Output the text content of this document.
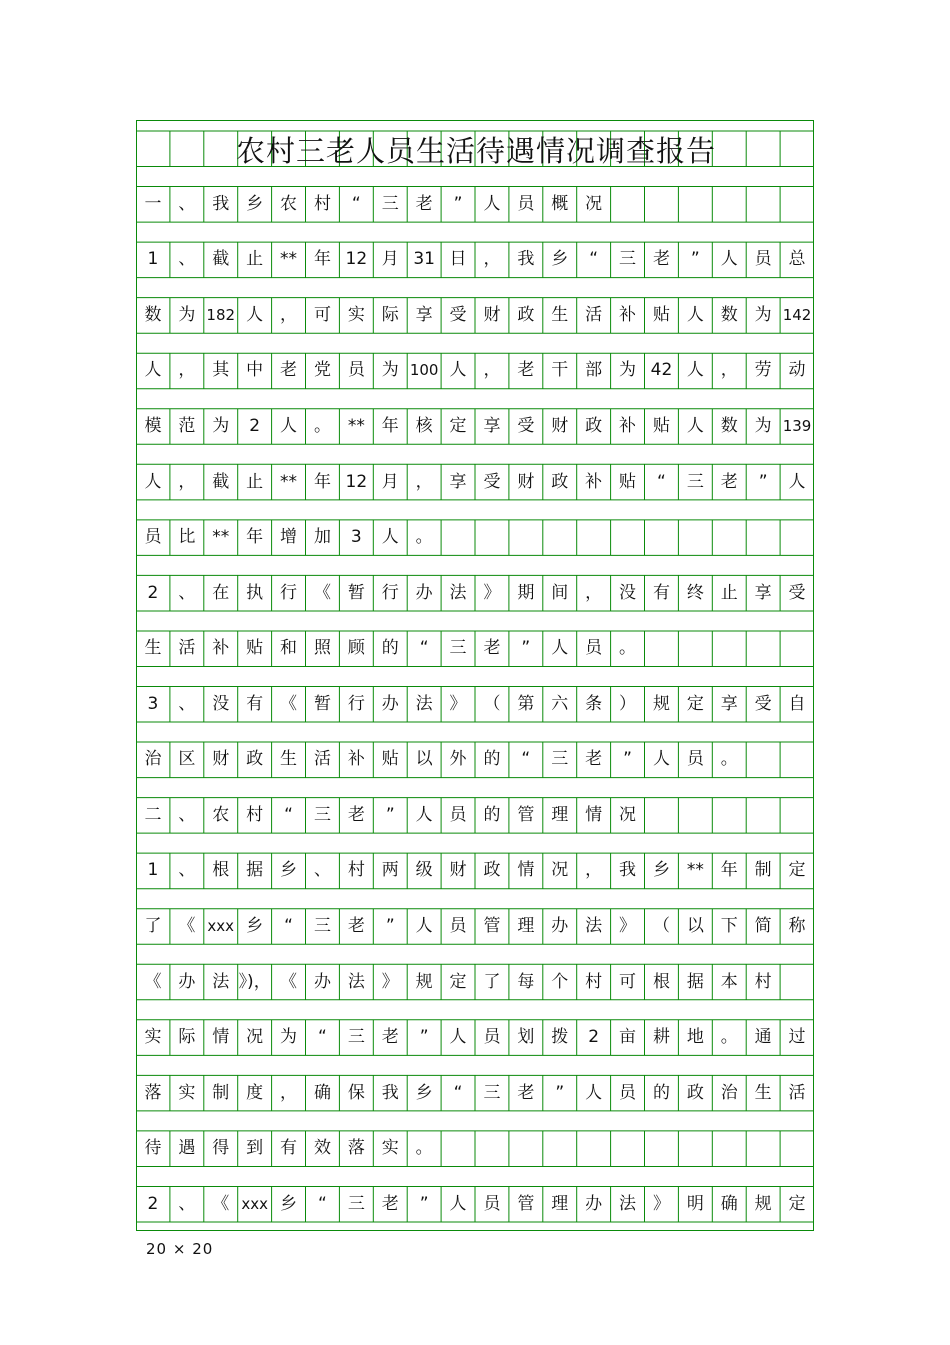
农村三老人员生活待遇情况调查报告
一 、 我 乡 农 村	“	三 老	”	人 员 概 况
1	、 截 止 ** 年 12 月 31 日 ， 我 乡	“	三 老	”	人 员 总
数 为 182 人 ， 可 实 际 享 受 财 政 生 活 补 贴 人 数 为 142
人 ， 其 中 老 党 员 为 100 人 ， 老 干 部 为 42 人 ， 劳 动
模 范 为	2	人 。 ** 年 核 定 享 受 财 政 补 贴 人 数 为 139
人 ， 截 止 ** 年 12 月 ， 享 受 财 政 补 贴	“	三 老	”	人
员 比 ** 年 增 加	3	人 。
2	、 在 执 行 《 暂 行 办 法 》 期 间 ， 没 有 终 止 享 受
生 活 补 贴 和 照 顾 的	“	三 老	”	人 员 。
3	、 没 有 《 暂 行 办 法 》 （ 第 六 条 ） 规 定 享 受 自
治 区 财 政 生 活 补 贴 以 外 的	“	三 老	”	人 员 。
二 、 农 村	“	三 老	”	人 员 的 管 理 情 况
1	、 根 据 乡 、 村 两 级 财 政 情 况 ， 我 乡 ** 年 制 定
了 《 xxx 乡	“	三 老	”	人 员 管 理 办 法 》 （ 以 下 简 称
《 办 法 》)， 《 办 法 》 规 定 了 每 个 村 可 根 据 本 村
实 际 情 况 为	“	三 老	”	人 员 划 拨	2	亩 耕 地 。 通 过
落 实 制 度 ， 确 保 我 乡	“	三 老	”	人 员 的 政 治 生 活
待 遇 得 到 有 效 落 实 。
2	、 《 xxx 乡	“	三 老	”	人 员 管 理 办 法 》 明 确 规 定
20 × 20
